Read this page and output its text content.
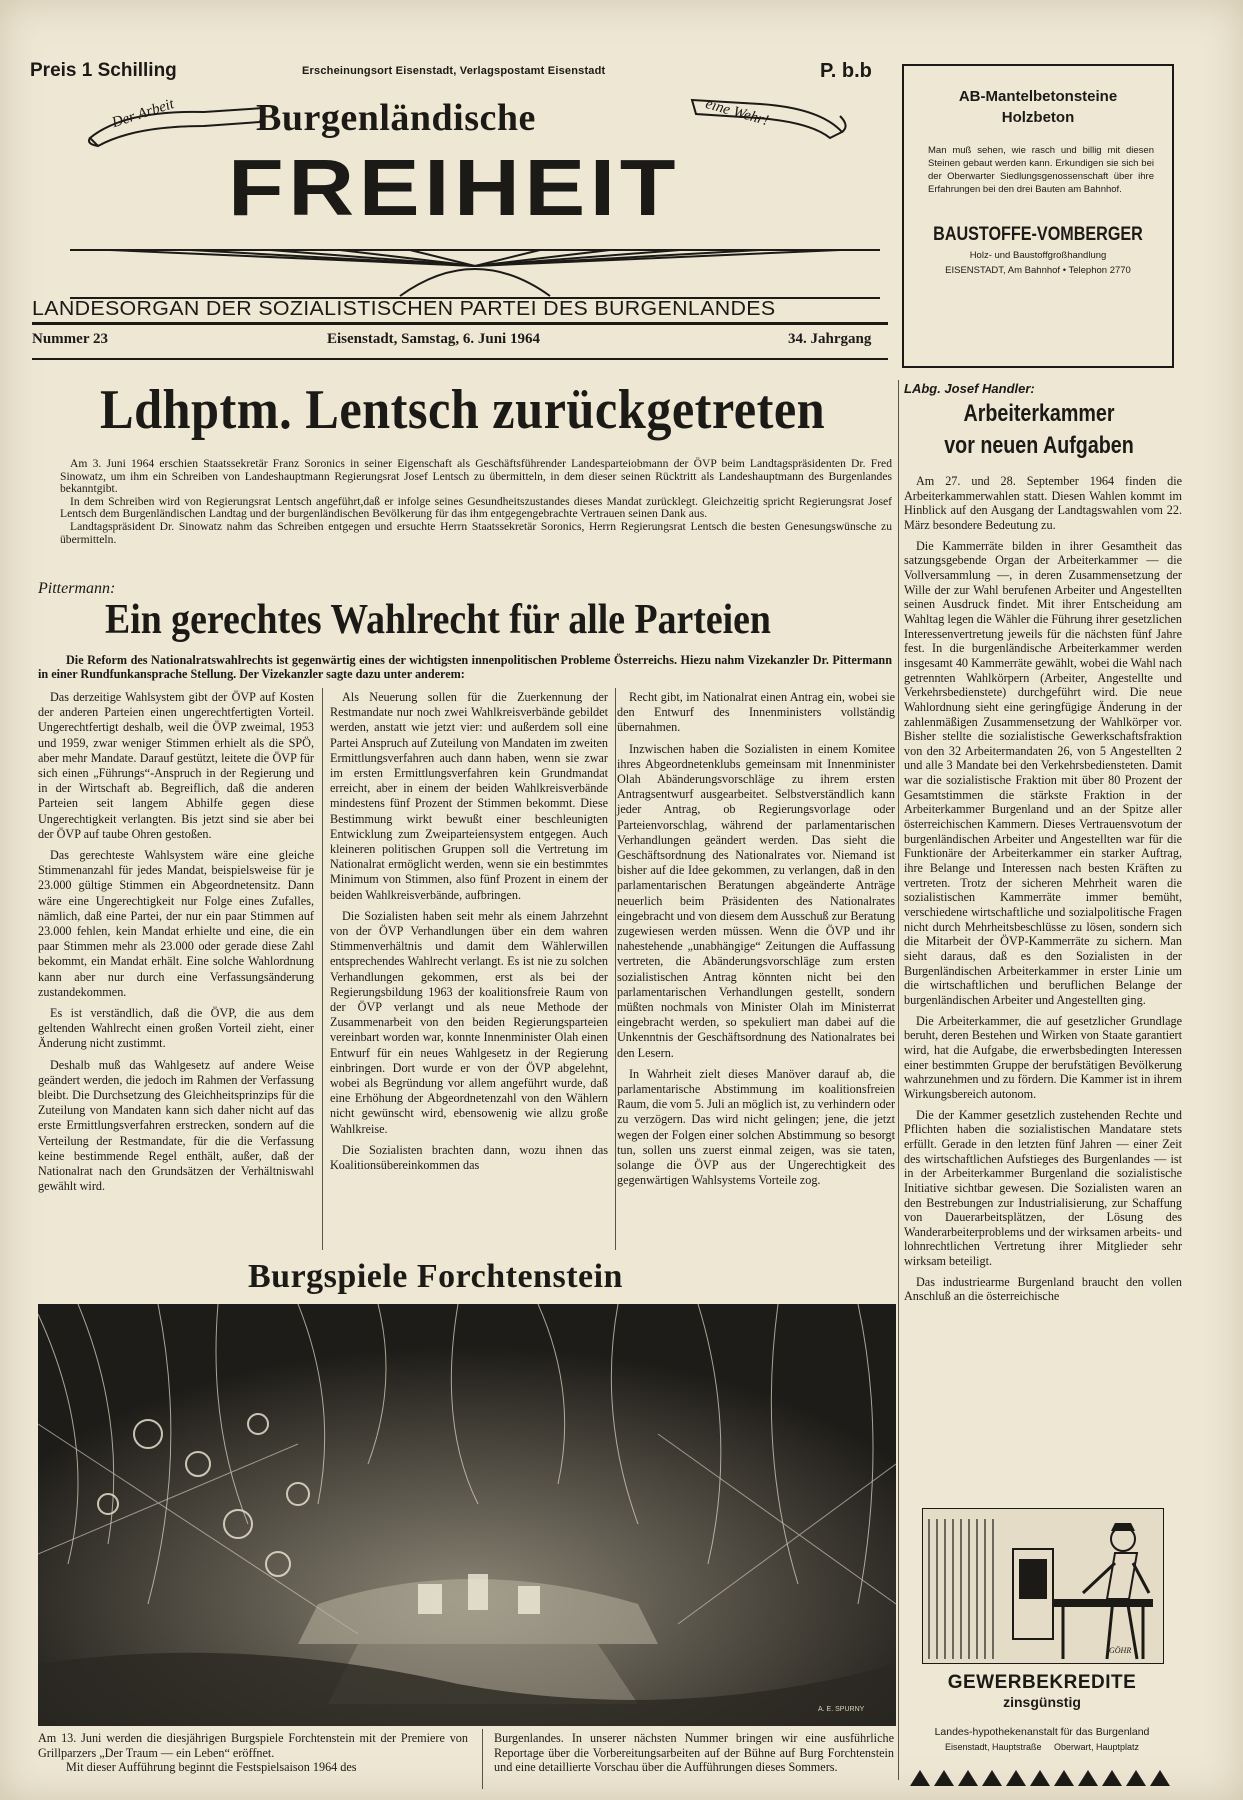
Preis 1 Schilling	Erscheinungsort Eisenstadt, Verlagspostamt Eisenstadt	P. b.b
Der Arbeit	eine Wehr!
Burgenländische
FREIHEIT
LANDESORGAN DER SOZIALISTISCHEN PARTEI DES BURGENLANDES
Nummer 23	Eisenstadt, Samstag, 6. Juni 1964	34. Jahrgang
AB-Mantelbetonsteine
Holzbeton
Man muß sehen, wie rasch und billig mit diesen Steinen gebaut werden kann. Erkundigen sie sich bei der Oberwarter Siedlungsgenossenschaft über ihre Erfahrungen bei den drei Bauten am Bahnhof.
BAUSTOFFE-VOMBERGER
Holz- und Baustoffgroßhandlung
EISENSTADT, Am Bahnhof • Telephon 2770
Ldhptm. Lentsch zurückgetreten

Am 3. Juni 1964 erschien Staatssekretär Franz Soronics in seiner Eigenschaft als Geschäftsführender Landesparteiobmann der ÖVP beim Landtagspräsidenten Dr. Fred Sinowatz, um ihm ein Schreiben von Landeshauptmann Regierungsrat Josef Lentsch zu übermitteln, in dem dieser seinen Rücktritt als Landeshauptmann des Burgenlandes bekanntgibt.

In dem Schreiben wird von Regierungsrat Lentsch angeführt,daß er infolge seines Gesundheitszustandes dieses Mandat zurücklegt. Gleichzeitig spricht Regierungsrat Josef Lentsch dem Burgenländischen Landtag und der burgenländischen Bevölkerung für das ihm entgegengebrachte Vertrauen seinen Dank aus.

Landtagspräsident Dr. Sinowatz nahm das Schreiben entgegen und ersuchte Herrn Staatssekretär Soronics, Herrn Regierungsrat Lentsch die besten Genesungswünsche zu übermitteln.

Pittermann:
Ein gerechtes Wahlrecht für alle Parteien
Die Reform des Nationalratswahlrechts ist gegenwärtig eines der wichtigsten innenpolitischen Probleme Österreichs. Hiezu nahm Vizekanzler Dr. Pittermann in einer Rundfunkansprache Stellung. Der Vizekanzler sagte dazu unter anderem:

Das derzeitige Wahlsystem gibt der ÖVP auf Kosten der anderen Parteien einen ungerechtfertigten Vorteil. Ungerechtfertigt deshalb, weil die ÖVP zweimal, 1953 und 1959, zwar weniger Stimmen erhielt als die SPÖ, aber mehr Mandate. Darauf gestützt, leitete die ÖVP für sich einen „Führungs“-Anspruch in der Regierung und in der Wirtschaft ab. Begreiflich, daß die anderen Parteien seit langem Abhilfe gegen diese Ungerechtigkeit verlangten. Bis jetzt sind sie aber bei der ÖVP auf taube Ohren gestoßen.

Das gerechteste Wahlsystem wäre eine gleiche Stimmenanzahl für jedes Mandat, beispielsweise für je 23.000 gültige Stimmen ein Abgeordnetensitz. Dann wäre eine Ungerechtigkeit nur Folge eines Zufalles, nämlich, daß eine Partei, der nur ein paar Stimmen auf 23.000 fehlen, kein Mandat erhielte und eine, die ein paar Stimmen mehr als 23.000 oder gerade diese Zahl bekommt, ein Mandat erhält. Eine solche Wahlordnung kann aber nur durch eine Verfassungsänderung zustandekommen.

Es ist verständlich, daß die ÖVP, die aus dem geltenden Wahlrecht einen großen Vorteil zieht, einer Änderung nicht zustimmt.

Deshalb muß das Wahlgesetz auf andere Weise geändert werden, die jedoch im Rahmen der Verfassung bleibt. Die Durchsetzung des Gleichheitsprinzips für die Zuteilung von Mandaten kann sich daher nicht auf das erste Ermittlungsverfahren erstrecken, sondern auf die Verteilung der Restmandate, für die die Verfassung keine bestimmende Regel enthält, außer, daß der Nationalrat nach den Grundsätzen der Verhältniswahl gewählt wird.

Als Neuerung sollen für die Zuerkennung der Restmandate nur noch zwei Wahlkreisverbände gebildet werden, anstatt wie jetzt vier: und außerdem soll eine Partei Anspruch auf Zuteilung von Mandaten im zweiten Ermittlungsverfahren auch dann haben, wenn sie zwar im ersten Ermittlungsverfahren kein Grundmandat erreicht, aber in einem der beiden Wahlkreisverbände mindestens fünf Prozent der Stimmen bekommt. Diese Bestimmung wirkt bewußt einer beschleunigten Entwicklung zum Zweiparteiensystem entgegen. Auch kleineren politischen Gruppen soll die Vertretung im Nationalrat ermöglicht werden, wenn sie ein bestimmtes Minimum von Stimmen, also fünf Prozent in einem der beiden Wahlkreisverbände, aufbringen.

Die Sozialisten haben seit mehr als einem Jahrzehnt von der ÖVP Verhandlungen über ein dem wahren Stimmenverhältnis und damit dem Wählerwillen entsprechendes Wahlrecht verlangt. Es ist nie zu solchen Verhandlungen gekommen, erst als bei der Regierungsbildung 1963 der koalitionsfreie Raum von der ÖVP verlangt und als neue Methode der Zusammenarbeit von den beiden Regierungsparteien vereinbart worden war, konnte Innenminister Olah einen Entwurf für ein neues Wahlgesetz in der Regierung einbringen. Dort wurde er von der ÖVP abgelehnt, wobei als Begründung vor allem angeführt wurde, daß eine Erhöhung der Abgeordnetenzahl von den Wählern nicht gewünscht wird, ebensowenig wie allzu große Wahlkreise.

Die Sozialisten brachten dann, wozu ihnen das Koalitionsübereinkommen das

Recht gibt, im Nationalrat einen Antrag ein, wobei sie den Entwurf des Innenministers vollständig übernahmen.

Inzwischen haben die Sozialisten in einem Komitee ihres Abgeordnetenklubs gemeinsam mit Innenminister Olah Abänderungsvorschläge zu ihrem ersten Antragsentwurf ausgearbeitet. Selbstverständlich kann jeder Antrag, ob Regierungsvorlage oder Parteienvorschlag, während der parlamentarischen Verhandlungen geändert werden. Das sieht die Geschäftsordnung des Nationalrates vor. Niemand ist bisher auf die Idee gekommen, zu verlangen, daß in den parlamentarischen Beratungen abgeänderte Anträge neuerlich beim Präsidenten des Nationalrates eingebracht und von diesem dem Ausschuß zur Beratung zugewiesen werden müssen. Wenn die ÖVP und ihr nahestehende „unabhängige“ Zeitungen die Auffassung vertreten, die Abänderungsvorschläge zum ersten sozialistischen Antrag könnten nicht bei den parlamentarischen Verhandlungen gestellt, sondern müßten nochmals von Minister Olah im Ministerrat eingebracht werden, so spekuliert man dabei auf die Unkenntnis der Geschäftsordnung des Nationalrates bei den Lesern.

In Wahrheit zielt dieses Manöver darauf ab, die parlamentarische Abstimmung im koalitionsfreien Raum, die vom 5. Juli an möglich ist, zu verhindern oder zu verzögern. Das wird nicht gelingen; jene, die jetzt wegen der Folgen einer solchen Abstimmung so besorgt tun, sollen uns zuerst einmal zeigen, was sie taten, solange die ÖVP aus der Ungerechtigkeit des gegenwärtigen Wahlsystems Vorteile zog.

Burgspiele Forchtenstein
A. E. SPURNY

Am 13. Juni werden die diesjährigen Burgspiele Forchtenstein mit der Premiere von Grillparzers „Der Traum — ein Leben“ eröffnet.

Mit dieser Aufführung beginnt die Festspielsaison 1964 des

Burgenlandes. In unserer nächsten Nummer bringen wir eine ausführliche Reportage über die Vorbereitungsarbeiten auf der Bühne auf Burg Forchtenstein und eine detaillierte Vorschau über die Aufführungen dieses Sommers.
LAbg. Josef Handler:
Arbeiterkammer
vor neuen Aufgaben

Am 27. und 28. September 1964 finden die Arbeiterkammerwahlen statt. Diesen Wahlen kommt im Hinblick auf den Ausgang der Landtagswahlen vom 22. März besondere Bedeutung zu.

Die Kammerräte bilden in ihrer Gesamtheit das satzungsgebende Organ der Arbeiterkammer — die Vollversammlung —, in deren Zusammensetzung der Wille der zur Wahl berufenen Arbeiter und Angestellten seinen Ausdruck findet. Mit ihrer Entscheidung am Wahltag legen die Wähler die Führung ihrer gesetzlichen Interessenvertretung jeweils für die nächsten fünf Jahre fest. In die burgenländische Arbeiterkammer werden insgesamt 40 Kammerräte gewählt, wobei die Wahl nach getrennten Wahlkörpern (Arbeiter, Angestellte und Verkehrsbedienstete) durchgeführt wird. Die neue Wahlordnung sieht eine geringfügige Änderung in der zahlenmäßigen Zusammensetzung der Wahlkörper vor. Bisher stellte die sozialistische Gewerkschaftsfraktion von den 32 Arbeitermandaten 26, von 5 Angestellten 2 und alle 3 Mandate bei den Verkehrsbediensteten. Damit war die sozialistische Fraktion mit über 80 Prozent der Gesamtstimmen die stärkste Fraktion in der Arbeiterkammer Burgenland und an der Spitze aller österreichischen Kammern. Dieses Vertrauensvotum der burgenländischen Arbeiter und Angestellten war für die Funktionäre der Arbeiterkammer ein starker Auftrag, ihre Belange und Interessen nach besten Kräften zu vertreten. Trotz der sicheren Mehrheit waren die sozialistischen Kammerräte immer bemüht, verschiedene wirtschaftliche und sozialpolitische Fragen nicht durch Mehrheitsbeschlüsse zu lösen, sondern sich die Mitarbeit der ÖVP-Kammerräte zu sichern. Man sieht daraus, daß es den Sozialisten in der Burgenländischen Arbeiterkammer in erster Linie um die wirtschaftlichen und beruflichen Belange der burgenländischen Arbeiter und Angestellten ging.

Die Arbeiterkammer, die auf gesetzlicher Grundlage beruht, deren Bestehen und Wirken von Staate garantiert wird, hat die Aufgabe, die erwerbsbedingten Interessen einer bestimmten Gruppe der berufstätigen Bevölkerung wahrzunehmen und zu fördern. Die Kammer ist in ihrem Wirkungsbereich autonom.

Die der Kammer gesetzlich zustehenden Rechte und Pflichten haben die sozialistischen Mandatare stets erfüllt. Gerade in den letzten fünf Jahren — einer Zeit des wirtschaftlichen Aufstieges des Burgenlandes — ist in der Arbeiterkammer Burgenland die sozialistische Initiative sichtbar gewesen. Die Sozialisten waren an den Bestrebungen zur Industrialisierung, zur Schaffung von Dauerarbeitsplätzen, der Lösung des Wanderarbeiterproblems und der wirksamen arbeits- und lohnrechtlichen Vertretung ihrer Mitglieder sehr wirksam beteiligt.

Das industriearme Burgenland braucht den vollen Anschluß an die österreichische

GÖHR
GEWERBEKREDITE
zinsgünstig
Landes-hypothekenanstalt für das Burgenland
Eisenstadt, Hauptstraße     Oberwart, Hauptplatz
